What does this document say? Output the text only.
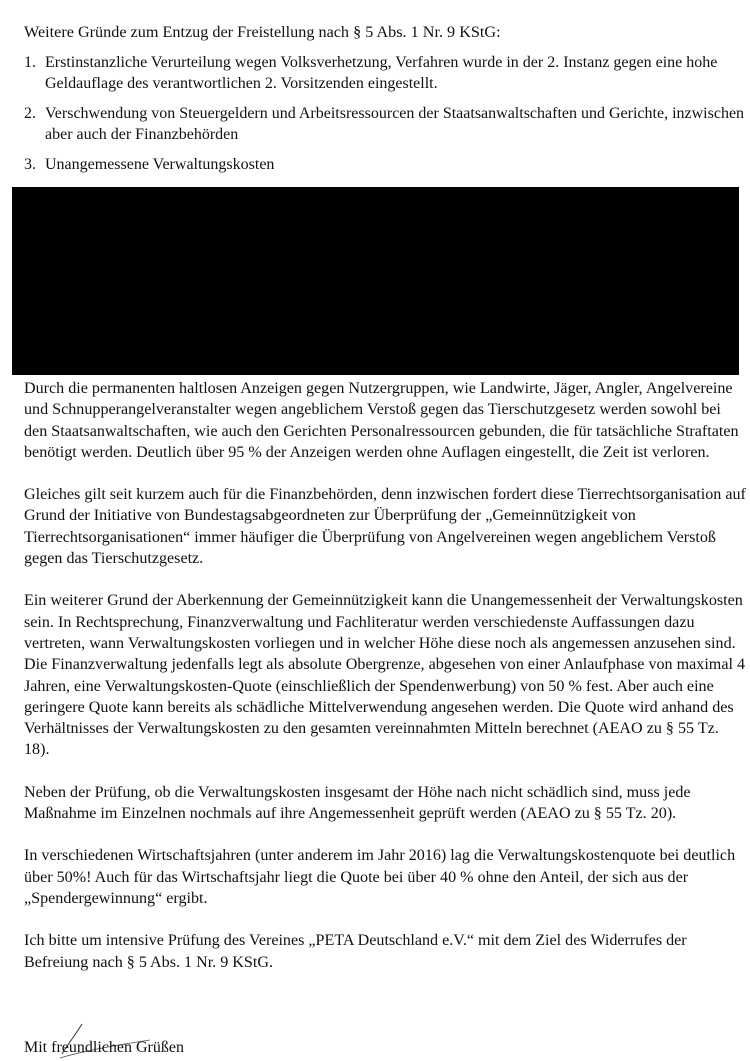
Weitere Gründe zum Entzug der Freistellung nach § 5 Abs. 1 Nr. 9 KStG:
1. Erstinstanzliche Verurteilung wegen Volksverhetzung, Verfahren wurde in der 2. Instanz gegen eine hohe Geldauflage des verantwortlichen 2. Vorsitzenden eingestellt.
2. Verschwendung von Steuergeldern und Arbeitsressourcen der Staatsanwaltschaften und Gerichte, inzwischen aber auch der Finanzbehörden
3. Unangemessene Verwaltungskosten

Durch die permanenten haltlosen Anzeigen gegen Nutzergruppen, wie Landwirte, Jäger, Angler, Angelvereine und Schnupperangelveranstalter wegen angeblichem Verstoß gegen das Tierschutzgesetz werden sowohl bei den Staatsanwaltschaften, wie auch den Gerichten Personalressourcen gebunden, die für tatsächliche Straftaten benötigt werden. Deutlich über 95 % der Anzeigen werden ohne Auflagen eingestellt, die Zeit ist verloren.

Gleiches gilt seit kurzem auch für die Finanzbehörden, denn inzwischen fordert diese Tierrechtsorganisation auf Grund der Initiative von Bundestagsabgeordneten zur Überprüfung der „Gemeinnützigkeit von Tierrechtsorganisationen“ immer häufiger die Überprüfung von Angelvereinen wegen angeblichem Verstoß gegen das Tierschutzgesetz.

Ein weiterer Grund der Aberkennung der Gemeinnützigkeit kann die Unangemessenheit der Verwaltungskosten sein. In Rechtsprechung, Finanzverwaltung und Fachliteratur werden verschiedenste Auffassungen dazu vertreten, wann Verwaltungskosten vorliegen und in welcher Höhe diese noch als angemessen anzusehen sind. Die Finanzverwaltung jedenfalls legt als absolute Obergrenze, abgesehen von einer Anlaufphase von maximal 4 Jahren, eine Verwaltungskosten-Quote (einschließlich der Spendenwerbung) von 50 % fest. Aber auch eine geringere Quote kann bereits als schädliche Mittelverwendung angesehen werden. Die Quote wird anhand des Verhältnisses der Verwaltungskosten zu den gesamten vereinnahmten Mitteln berechnet (AEAO zu § 55 Tz. 18).

Neben der Prüfung, ob die Verwaltungskosten insgesamt der Höhe nach nicht schädlich sind, muss jede Maßnahme im Einzelnen nochmals auf ihre Angemessenheit geprüft werden (AEAO zu § 55 Tz. 20).

In verschiedenen Wirtschaftsjahren (unter anderem im Jahr 2016) lag die Verwaltungskostenquote bei deutlich über 50%! Auch für das Wirtschaftsjahr liegt die Quote bei über 40 % ohne den Anteil, der sich aus der „Spendergewinnung“ ergibt.

Ich bitte um intensive Prüfung des Vereines „PETA Deutschland e.V.“ mit dem Ziel des Widerrufes der Befreiung nach § 5 Abs. 1 Nr. 9 KStG.

Mit freundlichen Grüßen
